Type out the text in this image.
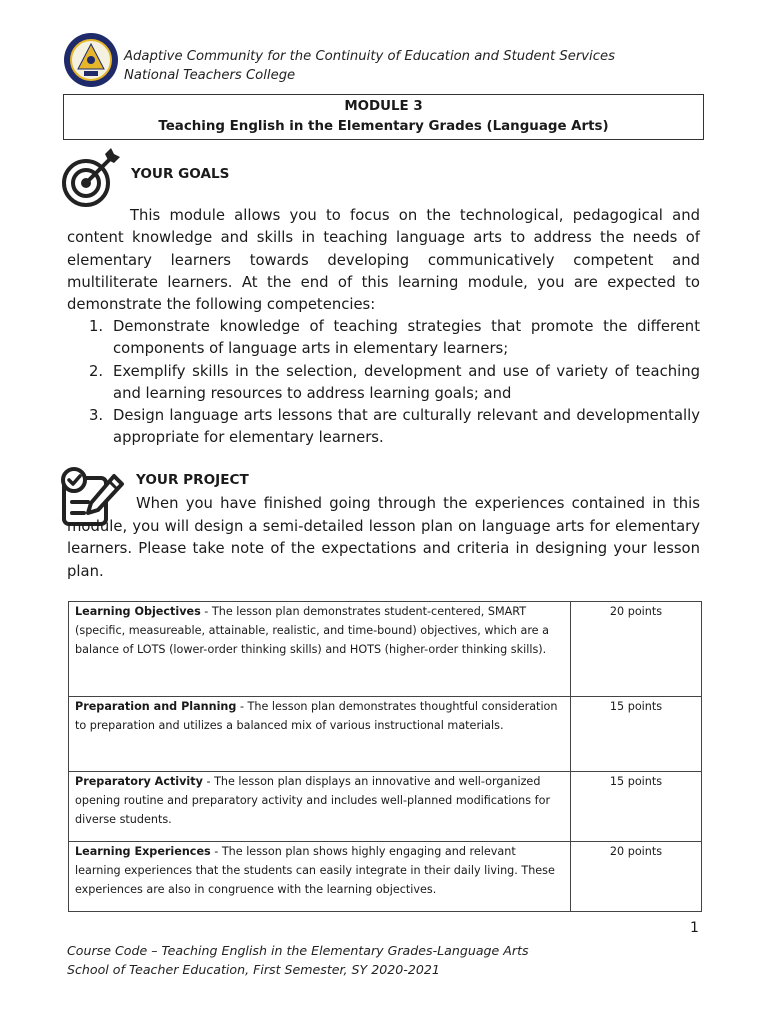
Adaptive Community for the Continuity of Education and Student Services
National Teachers College
MODULE 3
Teaching English in the Elementary Grades (Language Arts)
YOUR GOALS
This module allows you to focus on the technological, pedagogical and content knowledge and skills in teaching language arts to address the needs of elementary learners towards developing communicatively competent and multiliterate learners. At the end of this learning module, you are expected to demonstrate the following competencies:
1. Demonstrate knowledge of teaching strategies that promote the different components of language arts in elementary learners;
2. Exemplify skills in the selection, development and use of variety of teaching and learning resources to address learning goals; and
3. Design language arts lessons that are culturally relevant and developmentally appropriate for elementary learners.
YOUR PROJECT
When you have finished going through the experiences contained in this
module, you will design a semi-detailed lesson plan on language arts for elementary learners. Please take note of the expectations and criteria in designing your lesson plan.
Learning Objectives - The lesson plan demonstrates student-centered, SMART (specific, measureable, attainable, realistic, and time-bound) objectives, which are a balance of LOTS (lower-order thinking skills) and HOTS (higher-order thinking skills).	20 points
Preparation and Planning - The lesson plan demonstrates thoughtful consideration to preparation and utilizes a balanced mix of various instructional materials.	15 points
Preparatory Activity - The lesson plan displays an innovative and well-organized opening routine and preparatory activity and includes well-planned modifications for diverse students.	15 points
Learning Experiences - The lesson plan shows highly engaging and relevant learning experiences that the students can easily integrate in their daily living. These experiences are also in congruence with the learning objectives.	20 points
1
Course Code – Teaching English in the Elementary Grades-Language Arts
School of Teacher Education, First Semester, SY 2020-2021
